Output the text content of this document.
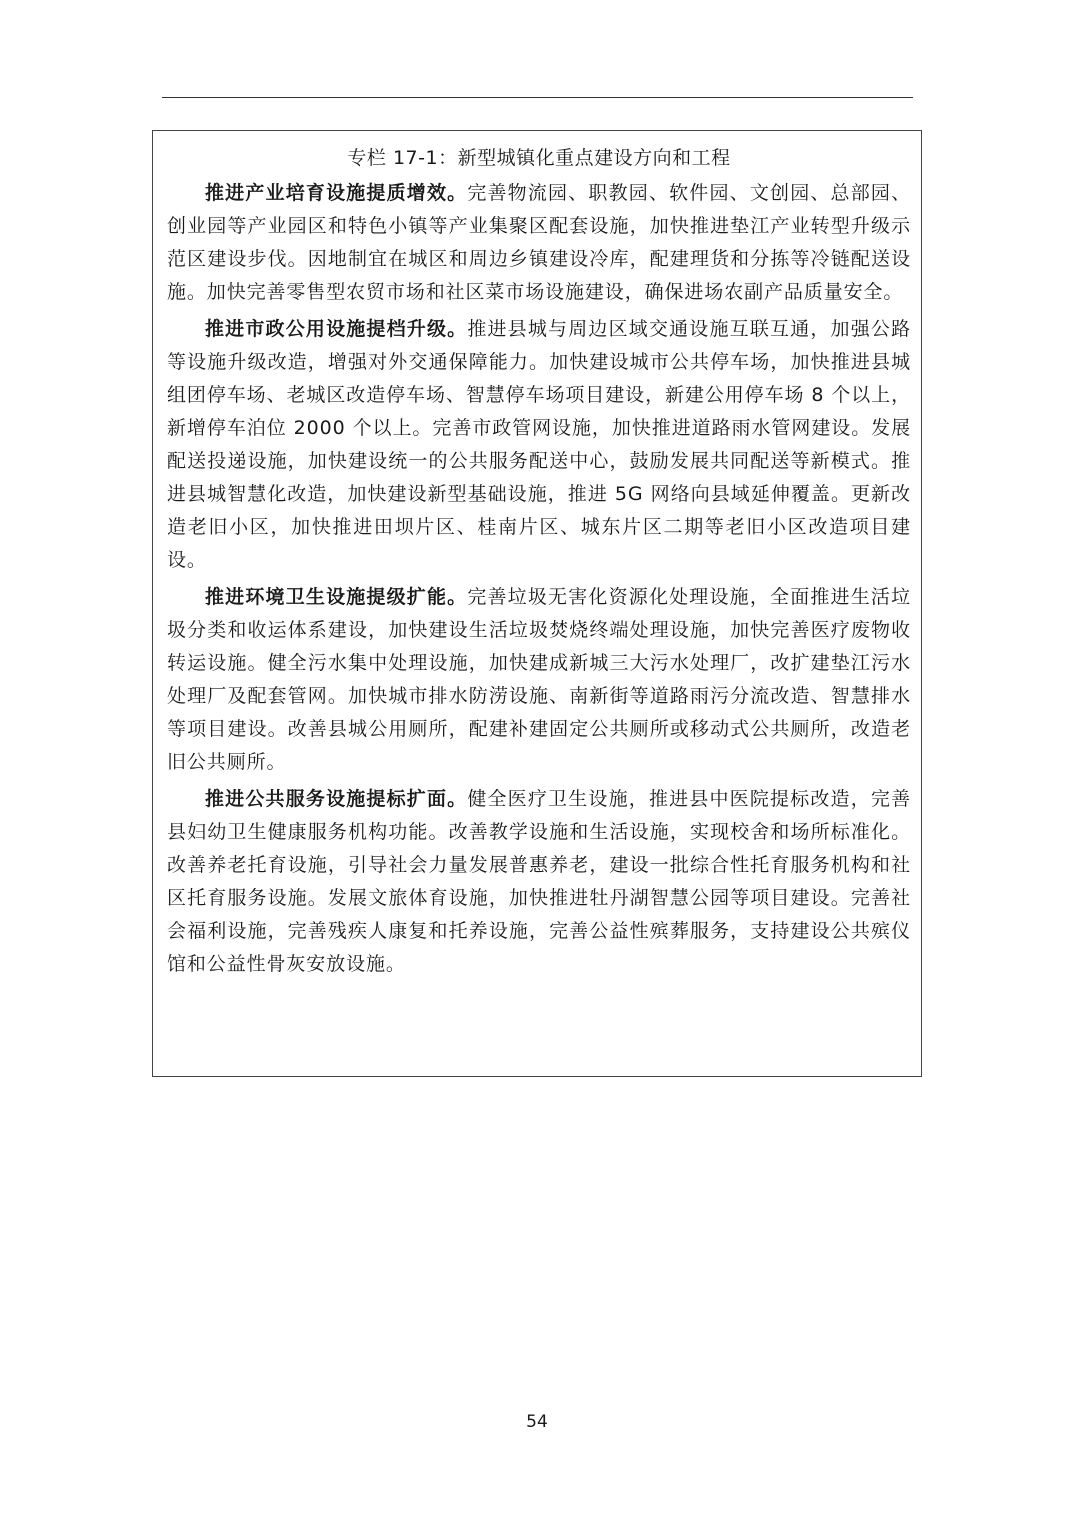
专栏 17-1：新型城镇化重点建设方向和工程

推进产业培育设施提质增效。完善物流园、职教园、软件园、文创园、总部园、创业园等产业园区和特色小镇等产业集聚区配套设施，加快推进垫江产业转型升级示范区建设步伐。因地制宜在城区和周边乡镇建设冷库，配建理货和分拣等冷链配送设施。加快完善零售型农贸市场和社区菜市场设施建设，确保进场农副产品质量安全。

推进市政公用设施提档升级。推进县城与周边区域交通设施互联互通，加强公路等设施升级改造，增强对外交通保障能力。加快建设城市公共停车场，加快推进县城组团停车场、老城区改造停车场、智慧停车场项目建设，新建公用停车场 8 个以上，新增停车泊位 2000 个以上。完善市政管网设施，加快推进道路雨水管网建设。发展配送投递设施，加快建设统一的公共服务配送中心，鼓励发展共同配送等新模式。推进县城智慧化改造，加快建设新型基础设施，推进 5G 网络向县域延伸覆盖。更新改造老旧小区，加快推进田坝片区、桂南片区、城东片区二期等老旧小区改造项目建设。

推进环境卫生设施提级扩能。完善垃圾无害化资源化处理设施，全面推进生活垃圾分类和收运体系建设，加快建设生活垃圾焚烧终端处理设施，加快完善医疗废物收转运设施。健全污水集中处理设施，加快建成新城三大污水处理厂，改扩建垫江污水处理厂及配套管网。加快城市排水防涝设施、南新街等道路雨污分流改造、智慧排水等项目建设。改善县城公用厕所，配建补建固定公共厕所或移动式公共厕所，改造老旧公共厕所。

推进公共服务设施提标扩面。健全医疗卫生设施，推进县中医院提标改造，完善县妇幼卫生健康服务机构功能。改善教学设施和生活设施，实现校舍和场所标准化。改善养老托育设施，引导社会力量发展普惠养老，建设一批综合性托育服务机构和社区托育服务设施。发展文旅体育设施，加快推进牡丹湖智慧公园等项目建设。完善社会福利设施，完善残疾人康复和托养设施，完善公益性殡葬服务，支持建设公共殡仪馆和公益性骨灰安放设施。

54
